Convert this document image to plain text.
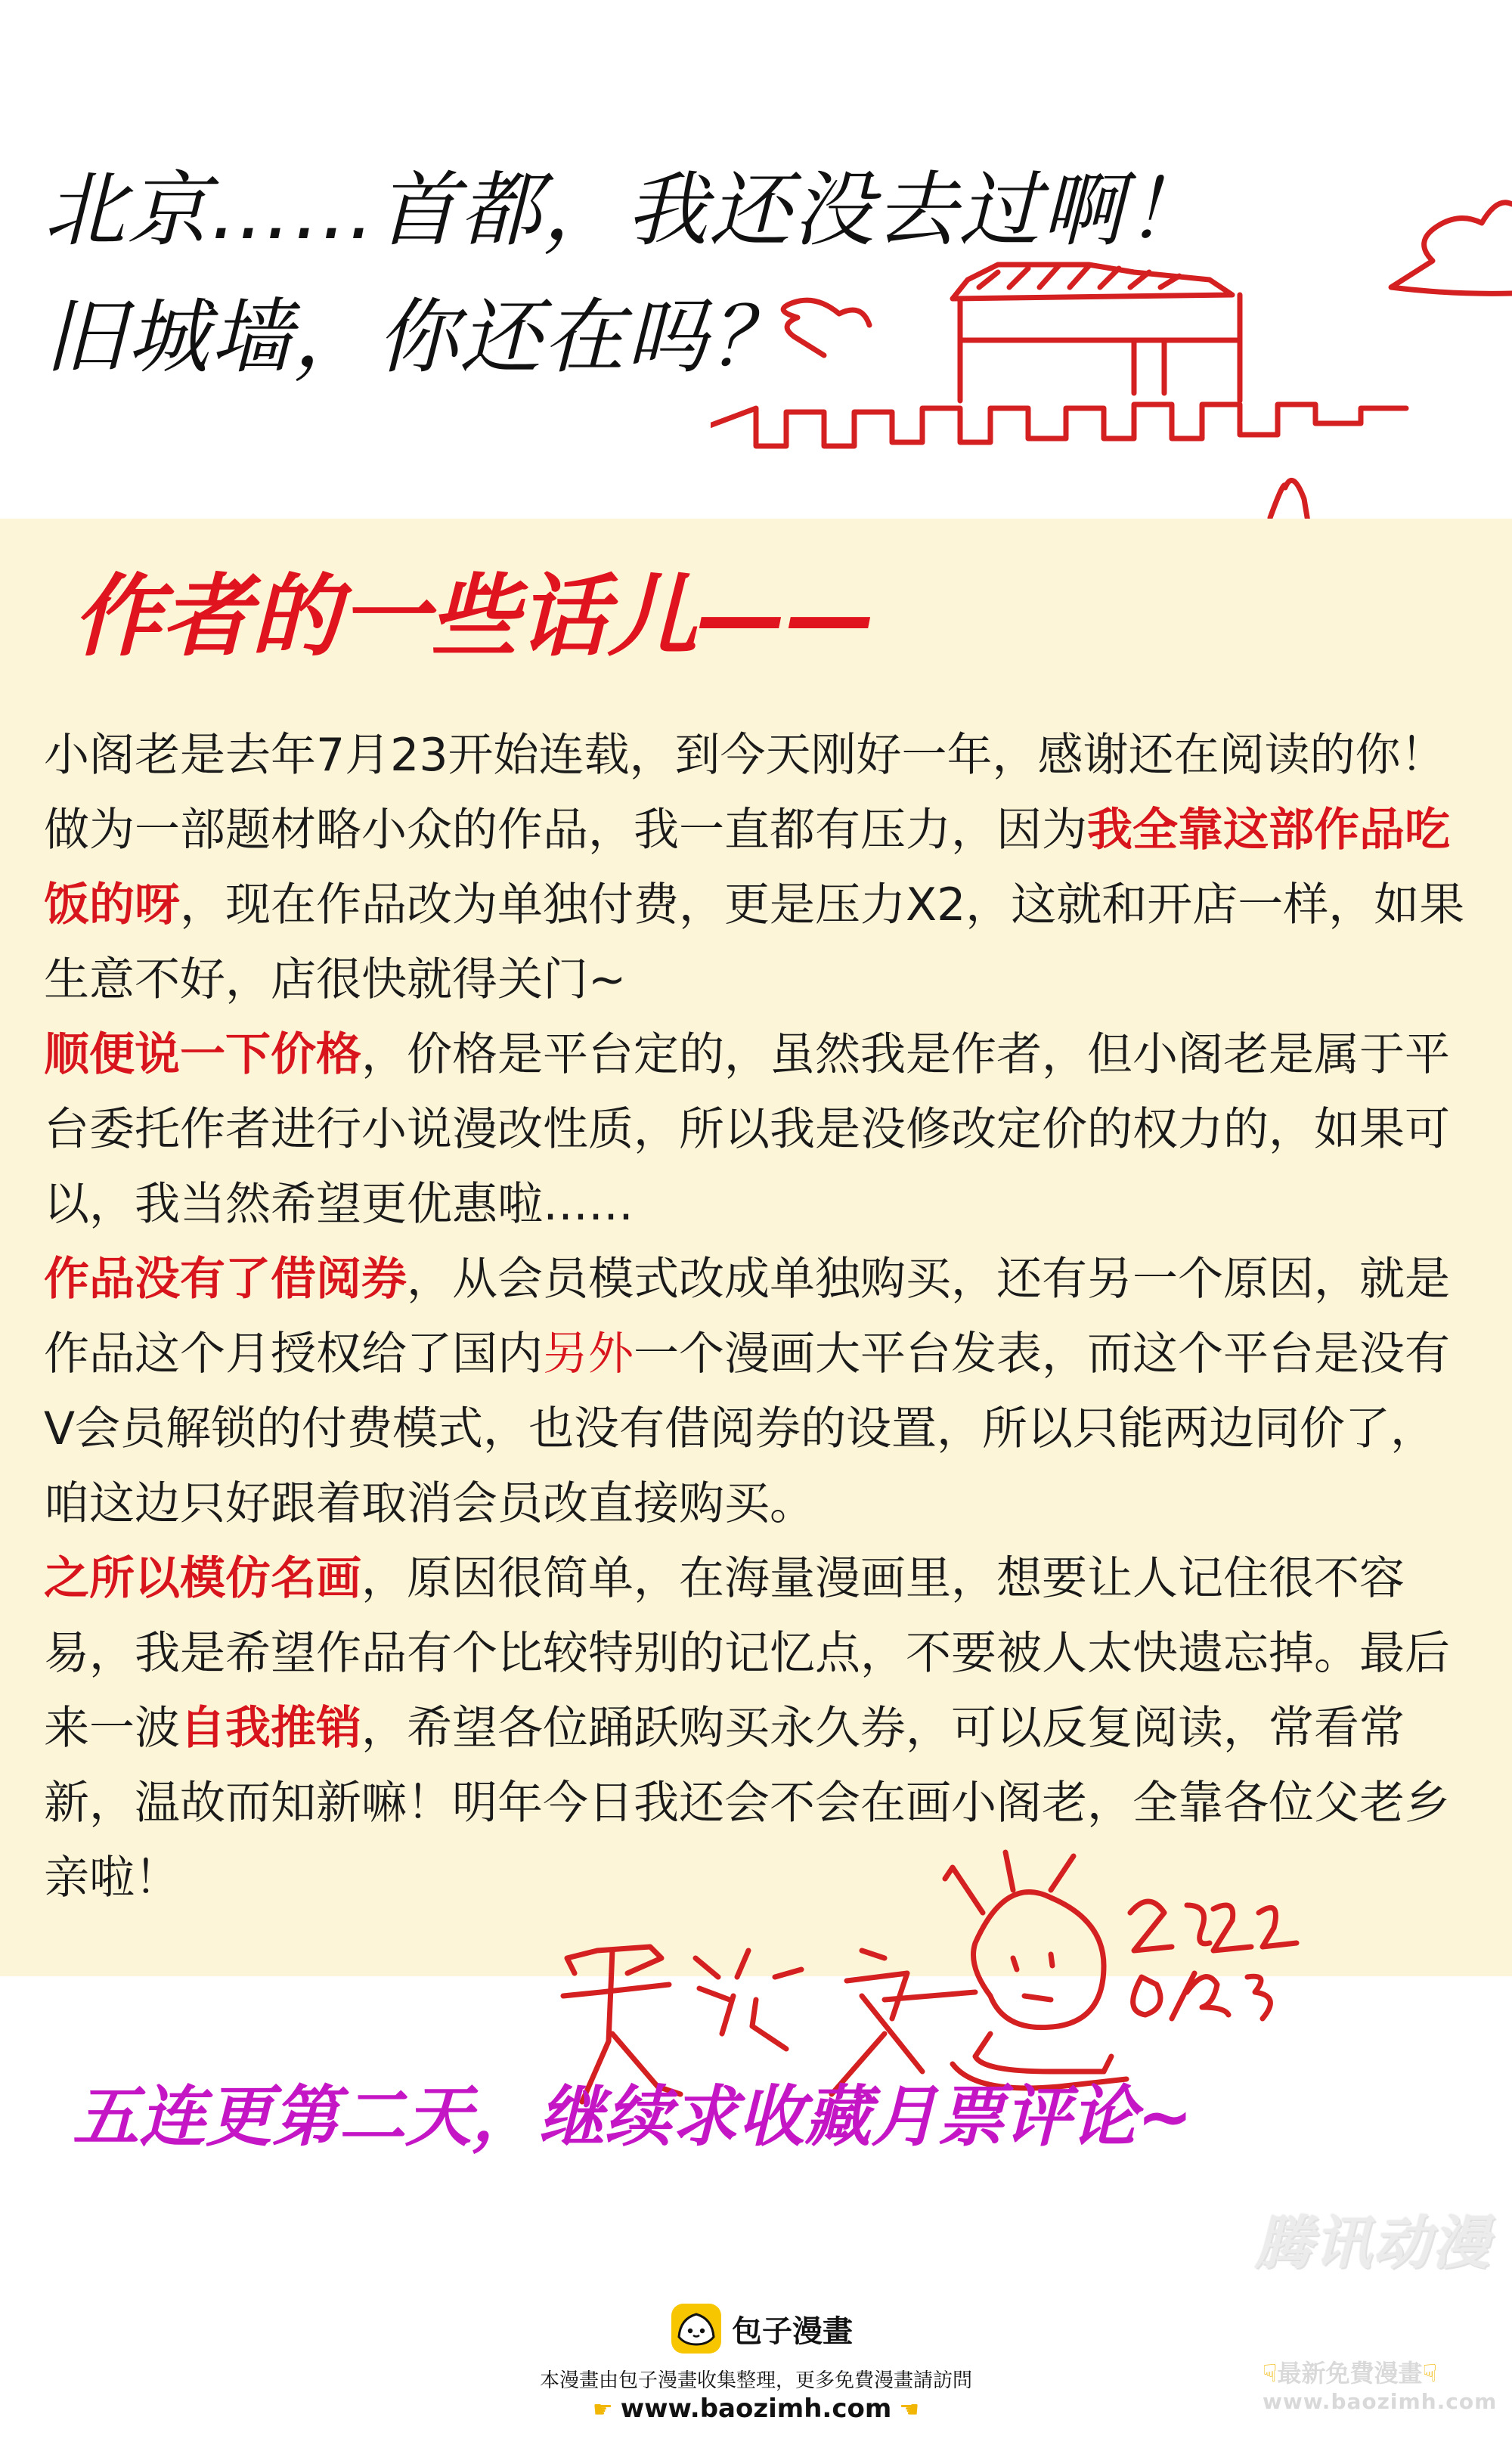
北京……首都，我还没去过啊！
旧城墙，你还在吗？
作者的一些话儿——

小阁老是去年7月23开始连载，到今天刚好一年，感谢还在阅读的你！做为一部题材略小众的作品，我一直都有压力，因为我全靠这部作品吃饭的呀，现在作品改为单独付费，更是压力X2，这就和开店一样，如果生意不好，店很快就得关门~

顺便说一下价格，价格是平台定的，虽然我是作者，但小阁老是属于平台委托作者进行小说漫改性质，所以我是没修改定价的权力的，如果可以，我当然希望更优惠啦……

作品没有了借阅券，从会员模式改成单独购买，还有另一个原因，就是作品这个月授权给了国内另外一个漫画大平台发表，而这个平台是没有V会员解锁的付费模式，也没有借阅券的设置，所以只能两边同价了，咱这边只好跟着取消会员改直接购买。

之所以模仿名画，原因很简单，在海量漫画里，想要让人记住很不容易，我是希望作品有个比较特别的记忆点，不要被人太快遗忘掉。最后来一波自我推销，希望各位踊跃购买永久券，可以反复阅读，常看常新，温故而知新嘛！明年今日我还会不会在画小阁老，全靠各位父老乡亲啦！

五连更第二天，继续求收藏月票评论~
腾讯动漫
包子漫畫
本漫畫由包子漫畫收集整理，更多免費漫畫請訪問
☛ www.baozimh.com ☚
☟最新免費漫畫☟
www.baozimh.com
